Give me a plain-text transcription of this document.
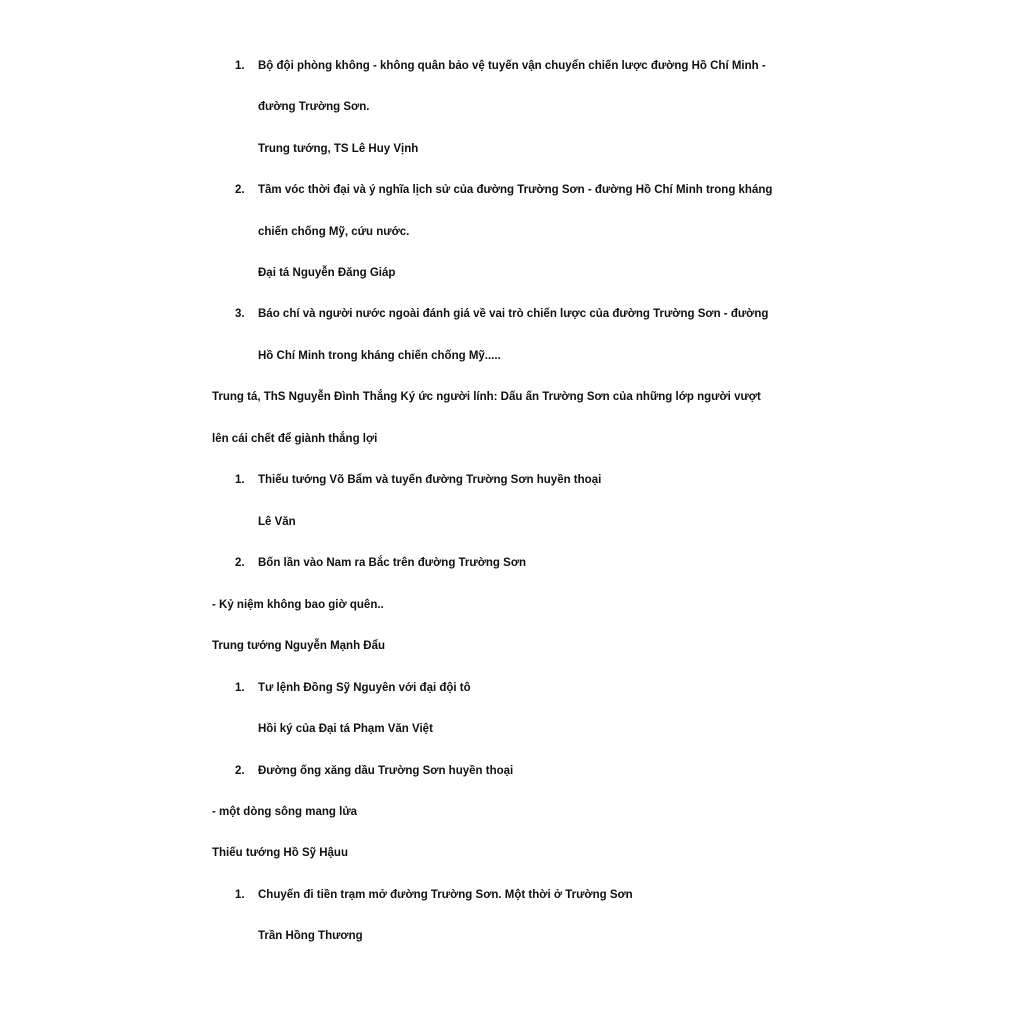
1. Bộ đội phòng không - không quân bảo vệ tuyến vận chuyển chiến lược đường Hồ Chí Minh -
đường Trường Sơn.
Trung tướng, TS Lê Huy Vịnh
2. Tầm vóc thời đại và ý nghĩa lịch sử của đường Trường Sơn - đường Hồ Chí Minh trong kháng
chiến chống Mỹ, cứu nước.
Đại tá Nguyễn Đăng Giáp
3. Báo chí và người nước ngoài đánh giá về vai trò chiến lược của đường Trường Sơn - đường
Hồ Chí Minh trong kháng chiến chống Mỹ.....
Trung tá, ThS Nguyễn Đình Thắng Ký ức người lính: Dấu ấn Trường Sơn của những lớp người vượt
lên cái chết để giành thắng lợi
1. Thiếu tướng Võ Bẩm và tuyến đường Trường Sơn huyền thoại
Lê Văn
2. Bốn lần vào Nam ra Bắc trên đường Trường Sơn
- Kỷ niệm không bao giờ quên..
Trung tướng Nguyễn Mạnh Đẩu
1. Tư lệnh Đồng Sỹ Nguyên với đại đội tô
Hồi ký của Đại tá Phạm Văn Việt
2. Đường ống xăng dầu Trường Sơn huyền thoại
- một dòng sông mang lửa
Thiếu tướng Hồ Sỹ Hậuu
1. Chuyến đi tiền trạm mở đường Trường Sơn. Một thời ở Trường Sơn
Trần Hồng Thương
